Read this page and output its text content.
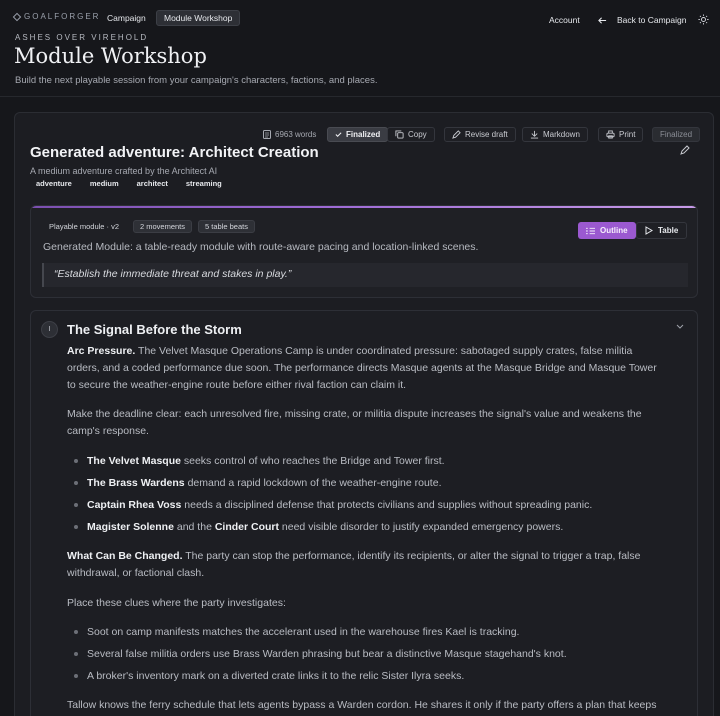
GOALFORGER Campaign	Module Workshop	Account	Back to Campaign
ASHES OVER VIREHOLD
Module Workshop
Build the next playable session from your campaign's characters, factions, and places.
6963 words	Finalized	Copy	Revise draft	Markdown	Print	Finalized
Generated adventure: Architect Creation
A medium adventure crafted by the Architect AI
adventure medium architect streaming
Playable module · v2	2 movements	5 table beats	Outline	Table
Generated Module: a table-ready module with route-aware pacing and location-linked scenes.
“Establish the immediate threat and stakes in play.”
I	The Signal Before the Storm
Arc Pressure. The Velvet Masque Operations Camp is under coordinated pressure: sabotaged supply crates, false militia orders, and a coded performance due soon. The performance directs Masque agents at the Masque Bridge and Masque Tower to secure the weather-engine route before either rival faction can claim it.
Make the deadline clear: each unresolved fire, missing crate, or militia dispute increases the signal's value and weakens the camp's response.
The Velvet Masque seeks control of who reaches the Bridge and Tower first.
The Brass Wardens demand a rapid lockdown of the weather-engine route.
Captain Rhea Voss needs a disciplined defense that protects civilians and supplies without spreading panic.
Magister Solenne and the Cinder Court need visible disorder to justify expanded emergency powers.
What Can Be Changed. The party can stop the performance, identify its recipients, or alter the signal to trigger a trap, false withdrawal, or factional clash.
Place these clues where the party investigates:
Soot on camp manifests matches the accelerant used in the warehouse fires Kael is tracking.
Several false militia orders use Brass Warden phrasing but bear a distinctive Masque stagehand's knot.
A broker's inventory mark on a diverted crate links it to the relic Sister Ilyra seeks.
Tallow knows the ferry schedule that lets agents bypass a Warden cordon. He shares it only if the party offers a plan that keeps
